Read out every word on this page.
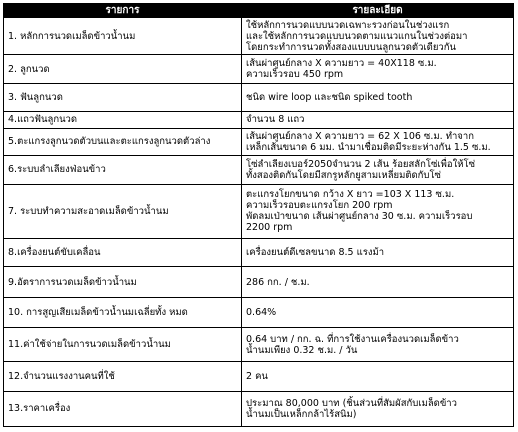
รายการ	รายละเอียด
1. หลักการนวดเมล็ดข้าวน้ำนม	ใช้หลักการนวดแบบนวดเฉพาะรวงก่อนในช่วงแรก
และใช้หลักการนวดแบบนวดตามแนวแกนในช่วงต่อมา
โดยกระทำการนวดทั้งสองแบบบนลูกนวดตัวเดียวกัน
2. ลูกนวด	เส้นผ่าศูนย์กลาง X ความยาว = 40X118 ซ.ม.
ความเร็วรอบ 450 rpm
3. ฟันลูกนวด	ชนิด wire loop และชนิด spiked tooth
4.แถวฟันลูกนวด	จำนวน 8 แถว
5.ตะแกรงลูกนวดตัวบนและตะแกรงลูกนวดตัวล่าง	เส้นผ่าศูนย์กลาง X ความยาว = 62 X 106 ซ.ม. ทำจาก
เหล็กเส้นขนาด 6 มม. นำมาเชื่อมติดมีระยะห่างกัน 1.5 ซ.ม.
6.ระบบลำเลียงฟ่อนข้าว	โซ่ลำเลียงเบอร์2050จำนวน 2 เส้น ร้อยสลักโซ่เพื่อให้โซ่
ทั้งสองติดกันโดยมีสกรูหลักยูสามเหลี่ยมติดกับโซ่
7. ระบบทำความสะอาดเมล็ดข้าวน้ำนม	ตะแกรงโยกขนาด กว้าง X ยาว =103 X 113 ซ.ม.
ความเร็วรอบตะแกรงโยก 200 rpm
พัดลมเป่าขนาด เส้นผ่าศูนย์กลาง 30 ซ.ม. ความเร็วรอบ
2200 rpm
8.เครื่องยนต์ขับเคลื่อน	เครื่องยนต์ดีเซลขนาด 8.5 แรงม้า
9.อัตราการนวดเมล็ดข้าวน้ำนม	286 กก. / ช.ม.
10. การสูญเสียเมล็ดข้าวน้ำนมเฉลี่ยทั้ง หมด	0.64%
11.ค่าใช้จ่ายในการนวดเมล็ดข้าวน้ำนม	0.64 บาท / กก. ฉ. ที่การใช้งานเครื่องนวดเมล็ดข้าว
น้ำนมเพียง 0.32 ช.ม. / วัน
12.จำนวนแรงงานคนที่ใช้	2 คน
13.ราคาเครื่อง	ประมาณ 80,000 บาท (ชิ้นส่วนที่สัมผัสกับเมล็ดข้าว
น้ำนมเป็นเหล็กกล้าไร้สนิม)
